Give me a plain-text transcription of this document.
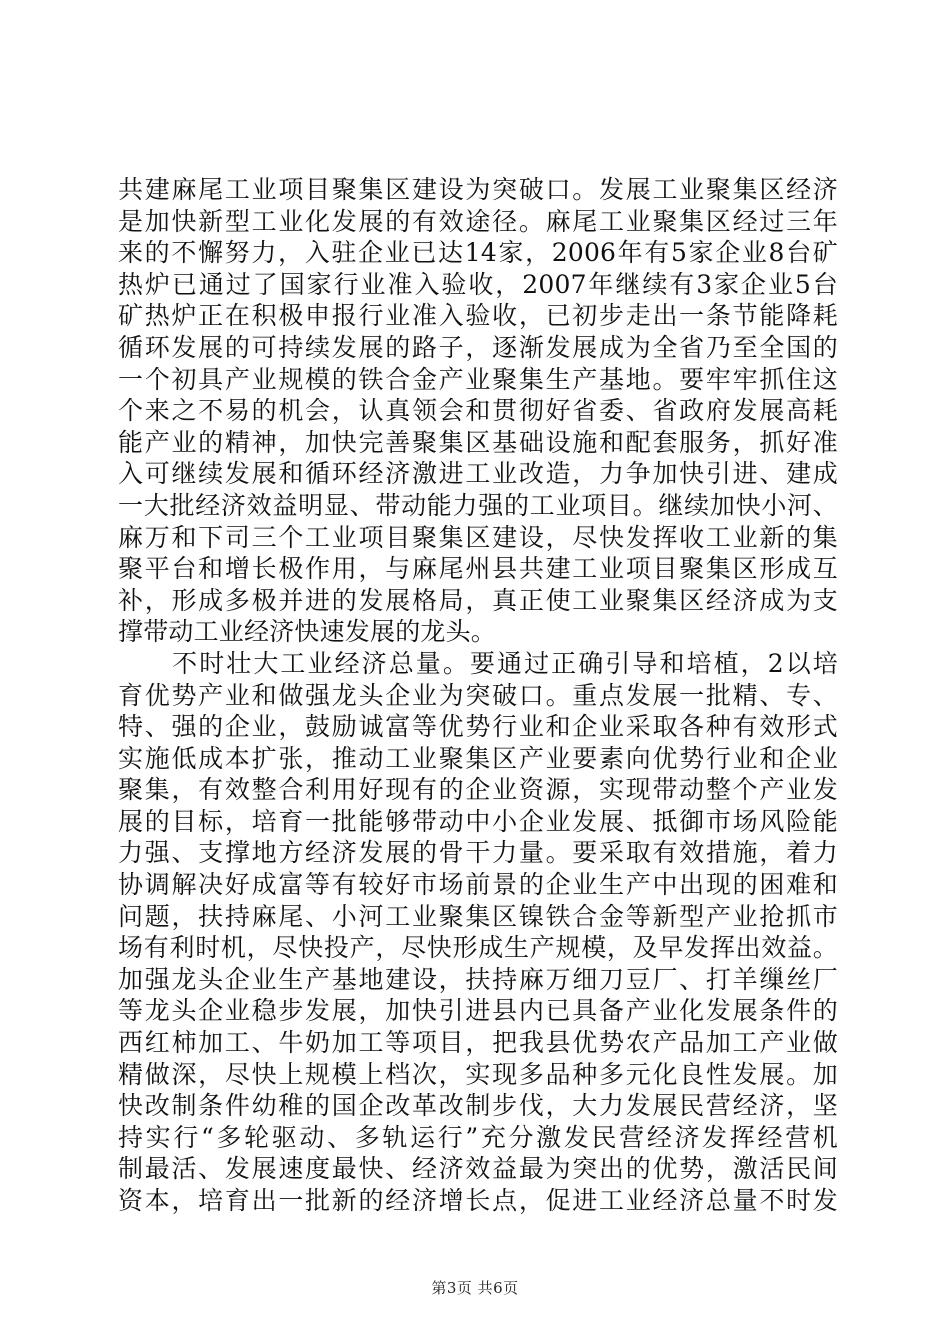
共建麻尾工业项目聚集区建设为突破口。发展工业聚集区经济
是加快新型工业化发展的有效途径。麻尾工业聚集区经过三年
来的不懈努力，入驻企业已达14家，2006年有5家企业8台矿
热炉已通过了国家行业准入验收，2007年继续有3家企业5台
矿热炉正在积极申报行业准入验收，已初步走出一条节能降耗
循环发展的可持续发展的路子，逐渐发展成为全省乃至全国的
一个初具产业规模的铁合金产业聚集生产基地。要牢牢抓住这
个来之不易的机会，认真领会和贯彻好省委、省政府发展高耗
能产业的精神，加快完善聚集区基础设施和配套服务，抓好准
入可继续发展和循环经济激进工业改造，力争加快引进、建成
一大批经济效益明显、带动能力强的工业项目。继续加快小河、
麻万和下司三个工业项目聚集区建设，尽快发挥收工业新的集
聚平台和增长极作用，与麻尾州县共建工业项目聚集区形成互
补，形成多极并进的发展格局，真正使工业聚集区经济成为支
撑带动工业经济快速发展的龙头。
　　不时壮大工业经济总量。要通过正确引导和培植，2以培
育优势产业和做强龙头企业为突破口。重点发展一批精、专、
特、强的企业，鼓励诚富等优势行业和企业采取各种有效形式
实施低成本扩张，推动工业聚集区产业要素向优势行业和企业
聚集，有效整合利用好现有的企业资源，实现带动整个产业发
展的目标，培育一批能够带动中小企业发展、抵御市场风险能
力强、支撑地方经济发展的骨干力量。要采取有效措施，着力
协调解决好成富等有较好市场前景的企业生产中出现的困难和
问题，扶持麻尾、小河工业聚集区镍铁合金等新型产业抢抓市
场有利时机，尽快投产，尽快形成生产规模，及早发挥出效益。
加强龙头企业生产基地建设，扶持麻万细刀豆厂、打羊缫丝厂
等龙头企业稳步发展，加快引进县内已具备产业化发展条件的
西红柿加工、牛奶加工等项目，把我县优势农产品加工产业做
精做深，尽快上规模上档次，实现多品种多元化良性发展。加
快改制条件幼稚的国企改革改制步伐，大力发展民营经济，坚
持实行“多轮驱动、多轨运行”充分激发民营经济发挥经营机
制最活、发展速度最快、经济效益最为突出的优势，激活民间
资本，培育出一批新的经济增长点，促进工业经济总量不时发
第3页 共6页
